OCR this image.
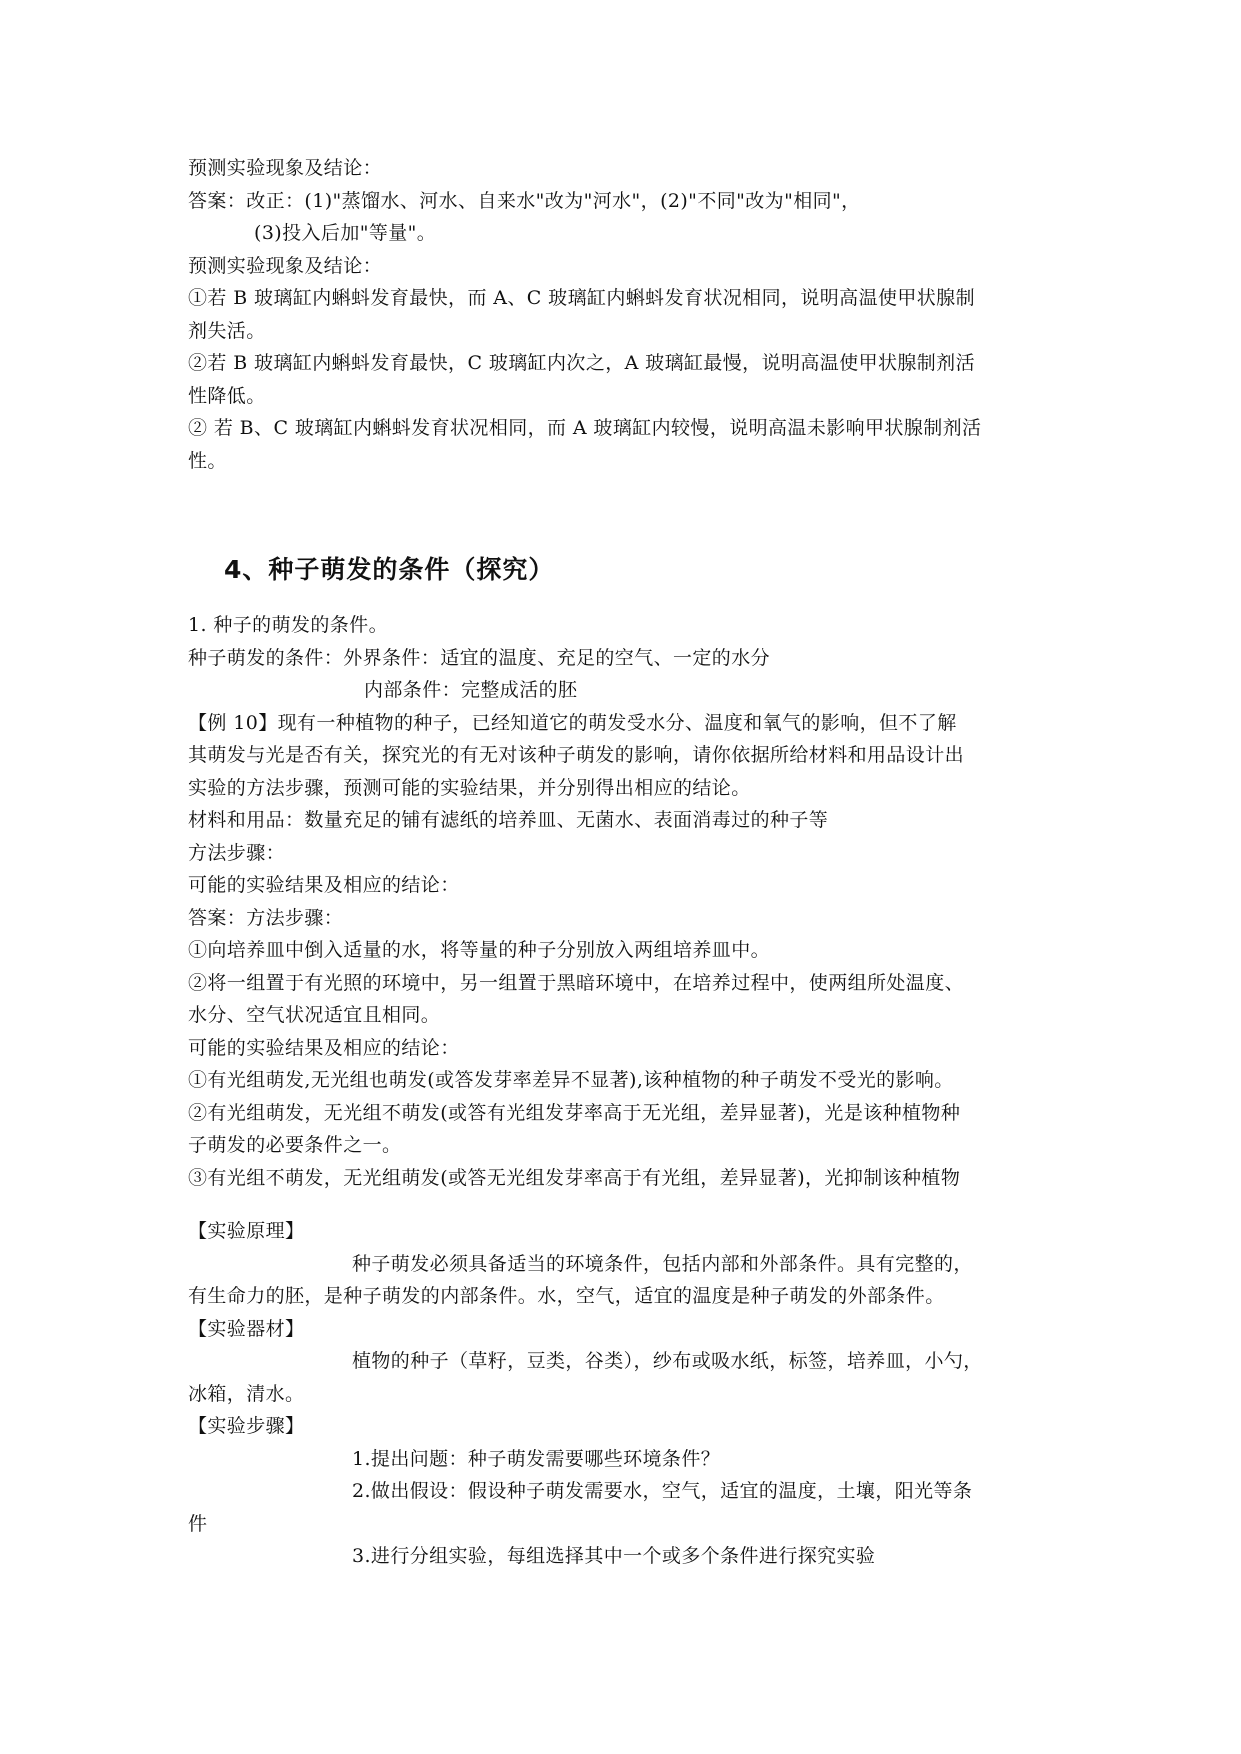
预测实验现象及结论：
答案：改正：(1)"蒸馏水、河水、自来水"改为"河水"，(2)"不同"改为"相同"，
(3)投入后加"等量"。
预测实验现象及结论：
①若 B 玻璃缸内蝌蚪发育最快，而 A、C 玻璃缸内蝌蚪发育状况相同，说明高温使甲状腺制
剂失活。
②若 B 玻璃缸内蝌蚪发育最快，C 玻璃缸内次之，A 玻璃缸最慢，说明高温使甲状腺制剂活
性降低。
② 若 B、C 玻璃缸内蝌蚪发育状况相同，而 A 玻璃缸内较慢，说明高温未影响甲状腺制剂活
性。
4、种子萌发的条件（探究）
1. 种子的萌发的条件。
种子萌发的条件：外界条件：适宜的温度、充足的空气、一定的水分
内部条件：完整成活的胚
【例 10】现有一种植物的种子，已经知道它的萌发受水分、温度和氧气的影响，但不了解
其萌发与光是否有关，探究光的有无对该种子萌发的影响，请你依据所给材料和用品设计出
实验的方法步骤，预测可能的实验结果，并分别得出相应的结论。
材料和用品：数量充足的铺有滤纸的培养皿、无菌水、表面消毒过的种子等
方法步骤：
可能的实验结果及相应的结论：
答案：方法步骤：
①向培养皿中倒入适量的水，将等量的种子分别放入两组培养皿中。
②将一组置于有光照的环境中，另一组置于黑暗环境中，在培养过程中，使两组所处温度、
水分、空气状况适宜且相同。
可能的实验结果及相应的结论：
①有光组萌发,无光组也萌发(或答发芽率差异不显著),该种植物的种子萌发不受光的影响。
②有光组萌发，无光组不萌发(或答有光组发芽率高于无光组，差异显著)，光是该种植物种
子萌发的必要条件之一。
③有光组不萌发，无光组萌发(或答无光组发芽率高于有光组，差异显著)，光抑制该种植物
【实验原理】
种子萌发必须具备适当的环境条件，包括内部和外部条件。具有完整的，
有生命力的胚，是种子萌发的内部条件。水，空气，适宜的温度是种子萌发的外部条件。
【实验器材】
植物的种子（草籽，豆类，谷类），纱布或吸水纸，标签，培养皿，小勺，
冰箱，清水。
【实验步骤】
1.提出问题：种子萌发需要哪些环境条件？
2.做出假设：假设种子萌发需要水，空气，适宜的温度，土壤，阳光等条
件
3.进行分组实验，每组选择其中一个或多个条件进行探究实验
